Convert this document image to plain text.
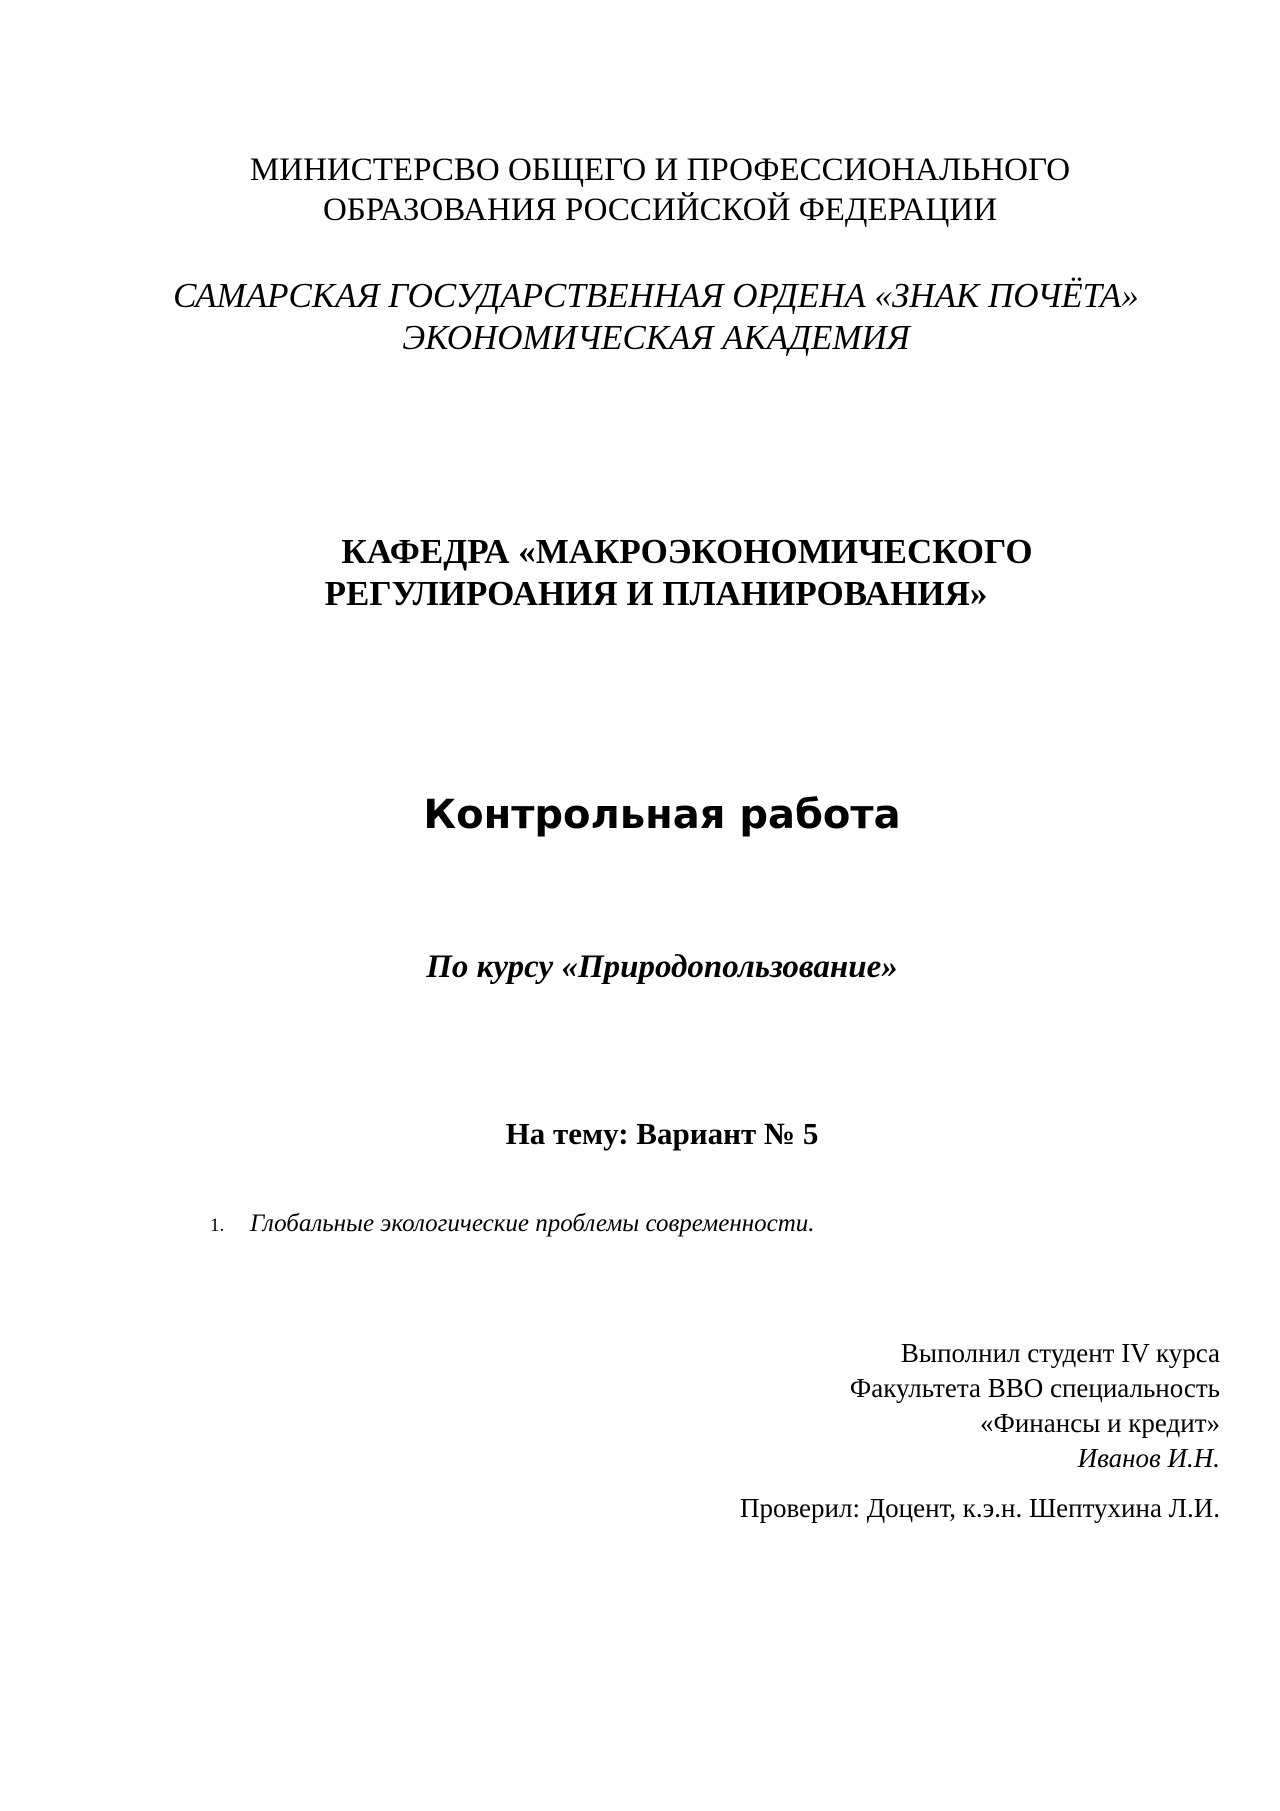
МИНИСТЕРСВО ОБЩЕГО И ПРОФЕССИОНАЛЬНОГО
ОБРАЗОВАНИЯ РОССИЙСКОЙ ФЕДЕРАЦИИ
САМАРСКАЯ ГОСУДАРСТВЕННАЯ ОРДЕНА «ЗНАК ПОЧЁТА»
ЭКОНОМИЧЕСКАЯ АКАДЕМИЯ
КАФЕДРА «МАКРОЭКОНОМИЧЕСКОГО
РЕГУЛИРОАНИЯ И ПЛАНИРОВАНИЯ»
Контрольная работа
По курсу «Природопользование»
На тему: Вариант № 5
1. Глобальные экологические проблемы современности.
Выполнил студент IV курса
Факультета ВВО специальность
«Финансы и кредит»
Иванов И.Н.
Проверил: Доцент, к.э.н. Шептухина Л.И.
